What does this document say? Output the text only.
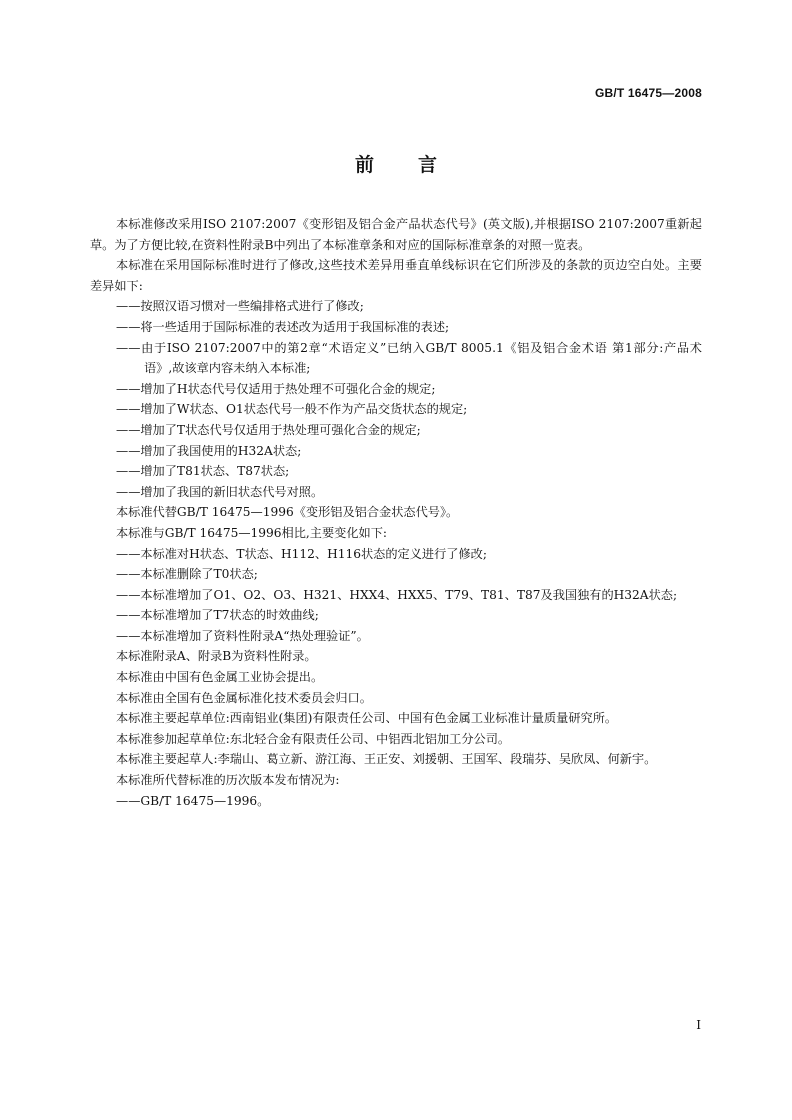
GB/T 16475—2008
前言

本标准修改采用ISO 2107:2007《变形铝及铝合金产品状态代号》(英文版),并根据ISO 2107:2007重新起草。为了方便比较,在资料性附录B中列出了本标准章条和对应的国际标准章条的对照一览表。

本标准在采用国际标准时进行了修改,这些技术差异用垂直单线标识在它们所涉及的条款的页边空白处。主要差异如下:

——按照汉语习惯对一些编排格式进行了修改;

——将一些适用于国际标准的表述改为适用于我国标准的表述;

——由于ISO 2107:2007中的第2章“术语定义”已纳入GB/T 8005.1《铝及铝合金术语 第1部分:产品术语》,故该章内容未纳入本标准;

——增加了H状态代号仅适用于热处理不可强化合金的规定;

——增加了W状态、O1状态代号一般不作为产品交货状态的规定;

——增加了T状态代号仅适用于热处理可强化合金的规定;

——增加了我国使用的H32A状态;

——增加了T81状态、T87状态;

——增加了我国的新旧状态代号对照。

本标准代替GB/T 16475—1996《变形铝及铝合金状态代号》。

本标准与GB/T 16475—1996相比,主要变化如下:

——本标准对H状态、T状态、H112、H116状态的定义进行了修改;

——本标准删除了T0状态;

——本标准增加了O1、O2、O3、H321、HXX4、HXX5、T79、T81、T87及我国独有的H32A状态;

——本标准增加了T7状态的时效曲线;

——本标准增加了资料性附录A“热处理验证”。

本标准附录A、附录B为资料性附录。

本标准由中国有色金属工业协会提出。

本标准由全国有色金属标准化技术委员会归口。

本标准主要起草单位:西南铝业(集团)有限责任公司、中国有色金属工业标准计量质量研究所。

本标准参加起草单位:东北轻合金有限责任公司、中铝西北铝加工分公司。

本标准主要起草人:李瑞山、葛立新、游江海、王正安、刘援朝、王国军、段瑞芬、吴欣凤、何新宇。

本标准所代替标准的历次版本发布情况为:

——GB/T 16475—1996。

I
